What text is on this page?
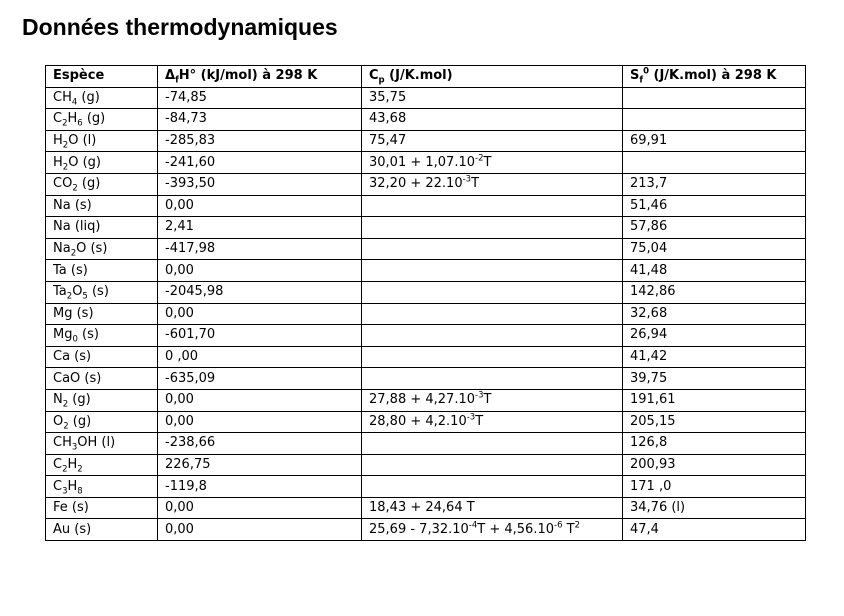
Données thermodynamiques
Espèce	$\Delta_fH^\circ$ (kJ/mol) à 298 K	$C_p$ (J/K.mol)	$S_f^0$ (J/K.mol) à 298 K
$CH_4$ (g)	-74,85	35,75	
$C_2H_6$ (g)	-84,73	43,68	
$H_2O$ (l)	-285,83	75,47	69,91
$H_2O$ (g)	-241,60	$30,01 + 1,07.10^{-2}T$	
$CO_2$ (g)	-393,50	$32,20 + 22.10^{-3}T$	213,7
Na (s)	0,00		51,46
Na (liq)	2,41		57,86
$Na_2O$ (s)	-417,98		75,04
Ta (s)	0,00		41,48
$Ta_2O_5$ (s)	-2045,98		142,86
Mg (s)	0,00		32,68
$Mg_0$ (s)	-601,70		26,94
Ca (s)	0 ,00		41,42
CaO (s)	-635,09		39,75
$N_2$ (g)	0,00	$27,88 + 4,27.10^{-3}T$	191,61
$O_2$ (g)	0,00	$28,80 + 4,2.10^{-3}T$	205,15
$CH_3OH$ (l)	-238,66		126,8
$C_2H_2$	226,75		200,93
$C_3H_8$	-119,8		171 ,0
Fe (s)	0,00	18,43 + 24,64 T	34,76 (l)
Au (s)	0,00	$25,69 - 7,32.10^{-4}T + 4,56.10^{-6}$ $T^2$	47,4
